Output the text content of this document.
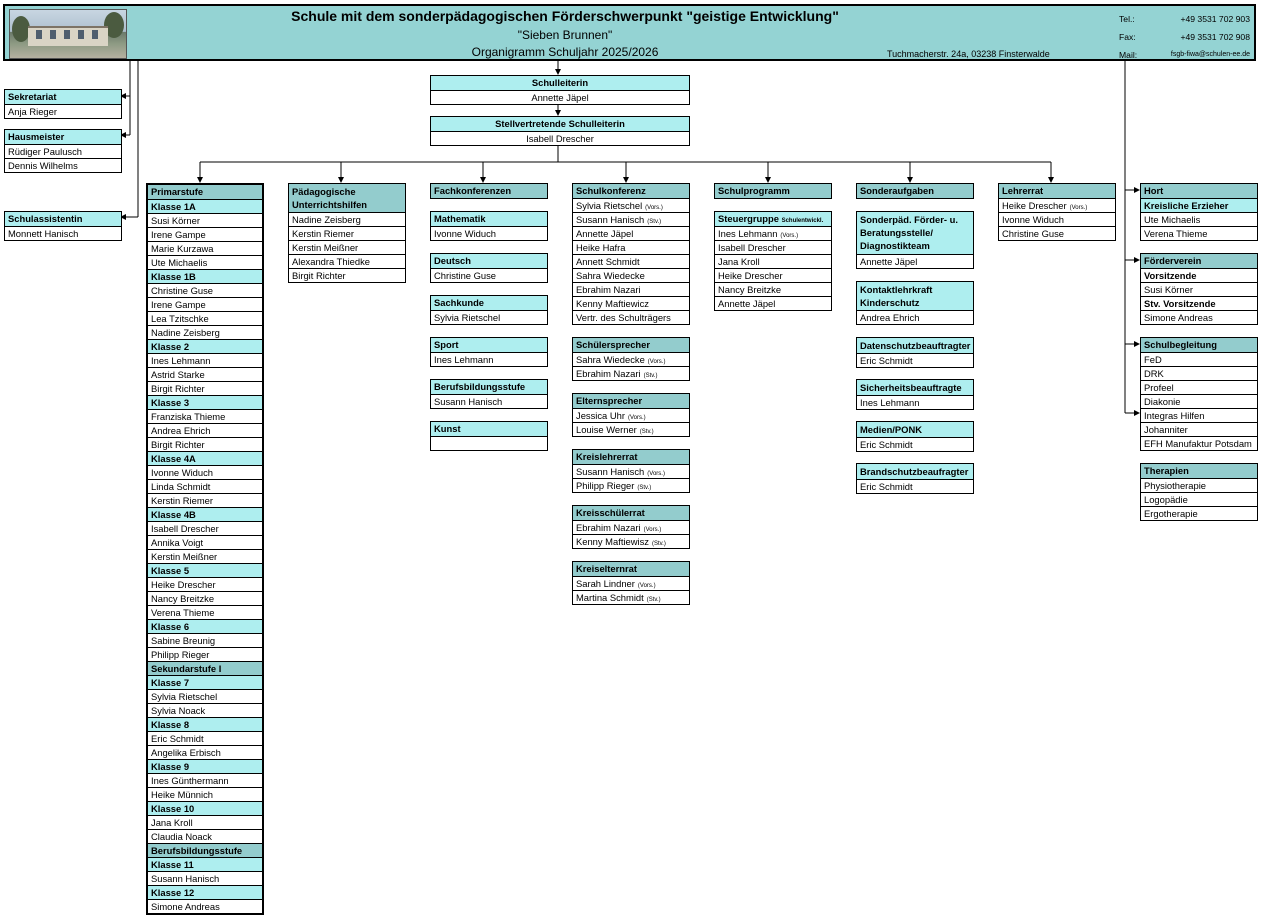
Schule mit dem sonderpädagogischen Förderschwerpunkt "geistige Entwicklung"
"Sieben Brunnen"
Organigramm Schuljahr 2025/2026	Tuchmacherstr. 24a, 03238 Finsterwalde
Tel.:	+49 3531 702 903
Fax:	+49 3531 702 908
Mail:	fsgb-fiwa@schulen-ee.de
Sekretariat
Anja Rieger
Hausmeister
Rüdiger Paulusch
Dennis Wilhelms
Schulassistentin
Monnett Hanisch
Schulleiterin
Annette Jäpel
Stellvertretende Schulleiterin
Isabell Drescher
Primarstufe
Klasse 1A
Susi Körner
Irene Gampe
Marie Kurzawa
Ute Michaelis
Klasse 1B
Christine Guse
Irene Gampe
Lea Tzitschke
Nadine Zeisberg
Klasse 2
Ines Lehmann
Astrid Starke
Birgit Richter
Klasse 3
Franziska Thieme
Andrea Ehrich
Birgit Richter
Klasse 4A
Ivonne Widuch
Linda Schmidt
Kerstin Riemer
Klasse 4B
Isabell Drescher
Annika Voigt
Kerstin Meißner
Klasse 5
Heike Drescher
Nancy Breitzke
Verena Thieme
Klasse 6
Sabine Breunig
Philipp Rieger
Sekundarstufe I
Klasse 7
Sylvia Rietschel
Sylvia Noack
Klasse 8
Eric Schmidt
Angelika Erbisch
Klasse 9
Ines Günthermann
Heike Münnich
Klasse 10
Jana Kroll
Claudia Noack
Berufsbildungsstufe
Klasse 11
Susann Hanisch
Klasse 12
Simone Andreas
Pädagogische Unterrichtshilfen
Nadine Zeisberg
Kerstin Riemer
Kerstin Meißner
Alexandra Thiedke
Birgit Richter
Fachkonferenzen
Mathematik
Ivonne Widuch
Deutsch
Christine Guse
Sachkunde
Sylvia Rietschel
Sport
Ines Lehmann
Berufsbildungsstufe
Susann Hanisch
Kunst
Schulkonferenz
Sylvia Rietschel (Vors.)
Susann Hanisch (Stv.)
Annette Jäpel
Heike Hafra
Annett Schmidt
Sahra Wiedecke
Ebrahim Nazari
Kenny Maftiewicz
Vertr. des Schulträgers
Schülersprecher
Sahra Wiedecke (Vors.)
Ebrahim Nazari (Stv.)
Elternsprecher
Jessica Uhr (Vors.)
Louise Werner (Stv.)
Kreislehrerrat
Susann Hanisch (Vors.)
Philipp Rieger (Stv.)
Kreisschülerrat
Ebrahim Nazari (Vors.)
Kenny Maftiewisz (Stv.)
Kreiselternrat
Sarah Lindner (Vors.)
Martina Schmidt (Stv.)
Schulprogramm
Steuergruppe Schulentwickl.
Ines Lehmann (Vors.)
Isabell Drescher
Jana Kroll
Heike Drescher
Nancy Breitzke
Annette Jäpel
Sonderaufgaben
Sonderpäd. Förder- u. Beratungsstelle/ Diagnostikteam
Annette Jäpel
Kontaktlehrkraft Kinderschutz
Andrea Ehrich
Datenschutzbeauftragter
Eric Schmidt
Sicherheitsbeauftragte
Ines Lehmann
Medien/PONK
Eric Schmidt
Brandschutzbeaufragter
Eric Schmidt
Lehrerrat
Heike Drescher (Vors.)
Ivonne Widuch
Christine Guse
Hort
Kreisliche Erzieher
Ute Michaelis
Verena Thieme
Förderverein
Vorsitzende
Susi Körner
Stv. Vorsitzende
Simone Andreas
Schulbegleitung
FeD
DRK
Profeel
Diakonie
Integras Hilfen
Johanniter
EFH Manufaktur Potsdam
Therapien
Physiotherapie
Logopädie
Ergotherapie
